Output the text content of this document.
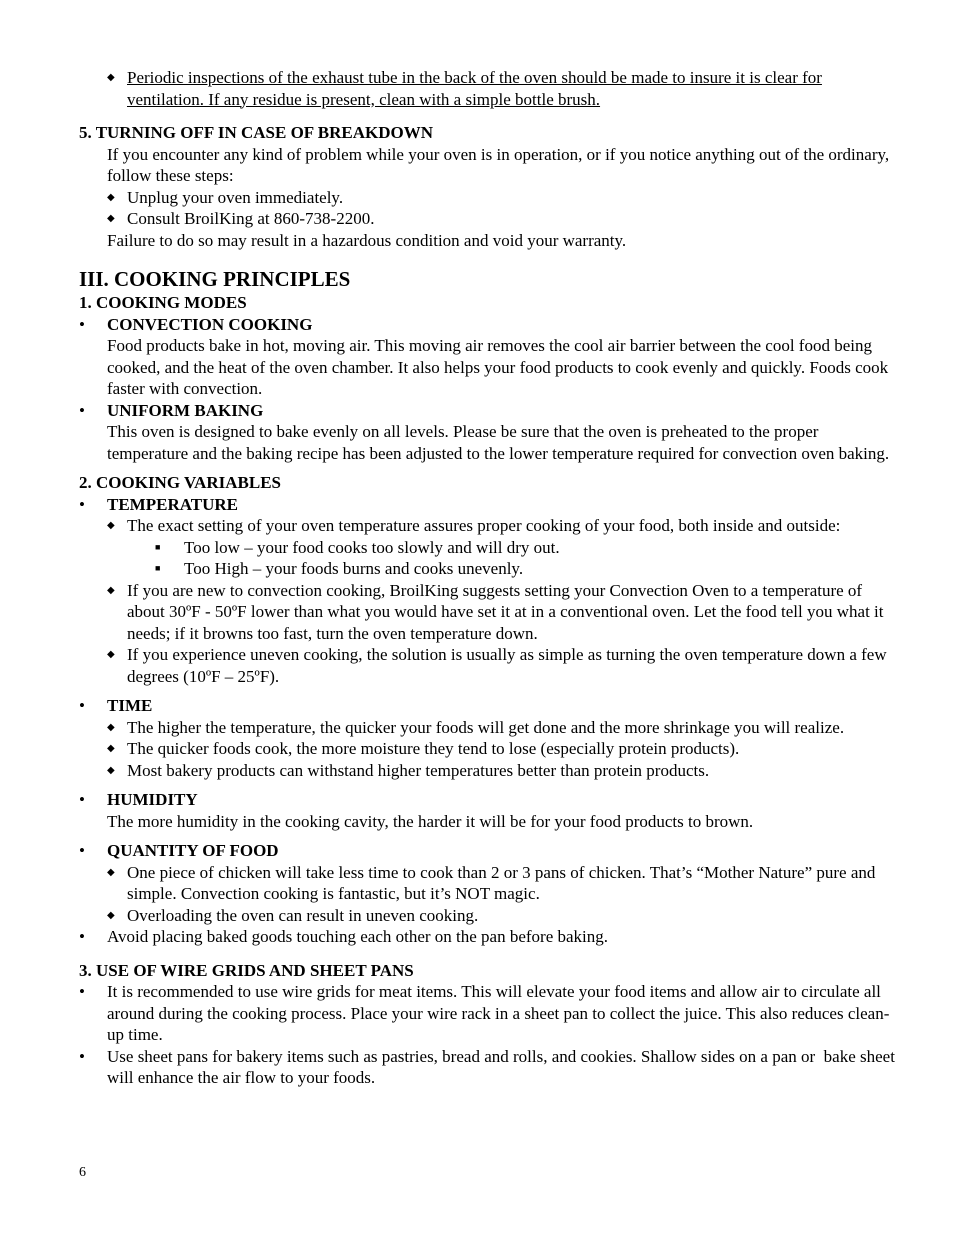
◆ Periodic inspections of the exhaust tube in the back of the oven should be made to insure it is clear for ventilation. If any residue is present, clean with a simple bottle brush.
5. TURNING OFF IN CASE OF BREAKDOWN
If you encounter any kind of problem while your oven is in operation, or if you notice anything out of the ordinary, follow these steps:
◆ Unplug your oven immediately.
◆ Consult BroilKing at 860-738-2200.
Failure to do so may result in a hazardous condition and void your warranty.
III. COOKING PRINCIPLES
1. COOKING MODES
• CONVECTION COOKING
Food products bake in hot, moving air. This moving air removes the cool air barrier between the cool food being cooked, and the heat of the oven chamber. It also helps your food products to cook evenly and quickly. Foods cook faster with convection.
• UNIFORM BAKING
This oven is designed to bake evenly on all levels. Please be sure that the oven is preheated to the proper temperature and the baking recipe has been adjusted to the lower temperature required for convection oven baking.
2. COOKING VARIABLES
• TEMPERATURE
◆ The exact setting of your oven temperature assures proper cooking of your food, both inside and outside:
■ Too low – your food cooks too slowly and will dry out.
■ Too High – your foods burns and cooks unevenly.
◆ If you are new to convection cooking, BroilKing suggests setting your Convection Oven to a temperature of about 30ºF - 50ºF lower than what you would have set it at in a conventional oven. Let the food tell you what it needs; if it browns too fast, turn the oven temperature down.
◆ If you experience uneven cooking, the solution is usually as simple as turning the oven temperature down a few degrees (10ºF – 25ºF).
• TIME
◆ The higher the temperature, the quicker your foods will get done and the more shrinkage you will realize.
◆ The quicker foods cook, the more moisture they tend to lose (especially protein products).
◆ Most bakery products can withstand higher temperatures better than protein products.
• HUMIDITY
The more humidity in the cooking cavity, the harder it will be for your food products to brown.
• QUANTITY OF FOOD
◆ One piece of chicken will take less time to cook than 2 or 3 pans of chicken. That’s “Mother Nature” pure and simple. Convection cooking is fantastic, but it’s NOT magic.
◆ Overloading the oven can result in uneven cooking.
• Avoid placing baked goods touching each other on the pan before baking.
3. USE OF WIRE GRIDS AND SHEET PANS
• It is recommended to use wire grids for meat items. This will elevate your food items and allow air to circulate all around during the cooking process. Place your wire rack in a sheet pan to collect the juice. This also reduces clean-up time.
• Use sheet pans for bakery items such as pastries, bread and rolls, and cookies. Shallow sides on a pan or  bake sheet will enhance the air flow to your foods.
6
